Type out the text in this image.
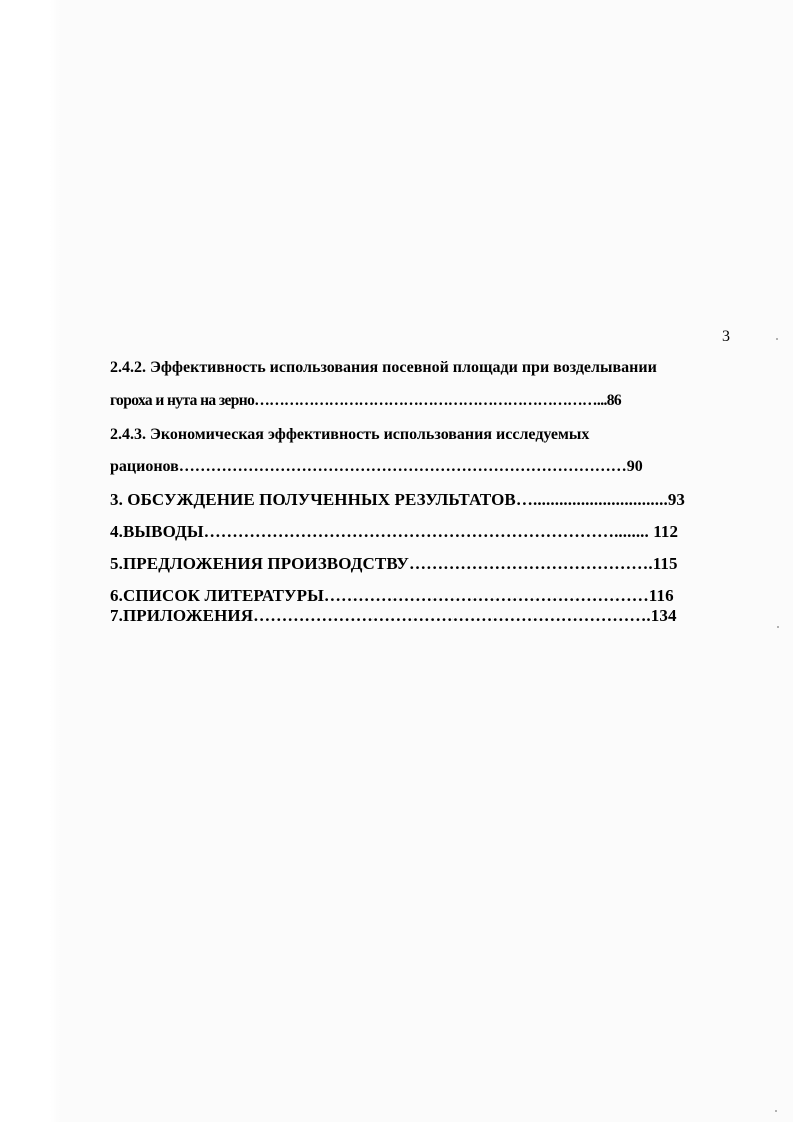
3
2.4.2. Эффективность использования посевной площади при возделывании
гороха и нута на зерно……………………………………………………………...86
2.4.3. Экономическая эффективность использования исследуемых
рационов…………………………………………………………………………90
3. ОБСУЖДЕНИЕ ПОЛУЧЕННЫХ РЕЗУЛЬТАТОВ…...............................93
4.ВЫВОДЫ………………………………………………………………........ 112
5.ПРЕДЛОЖЕНИЯ ПРОИЗВОДСТВУ…………………………………….115
6.СПИСОК ЛИТЕРАТУРЫ…………………………………………………116
7.ПРИЛОЖЕНИЯ…………………………………………………………….134
